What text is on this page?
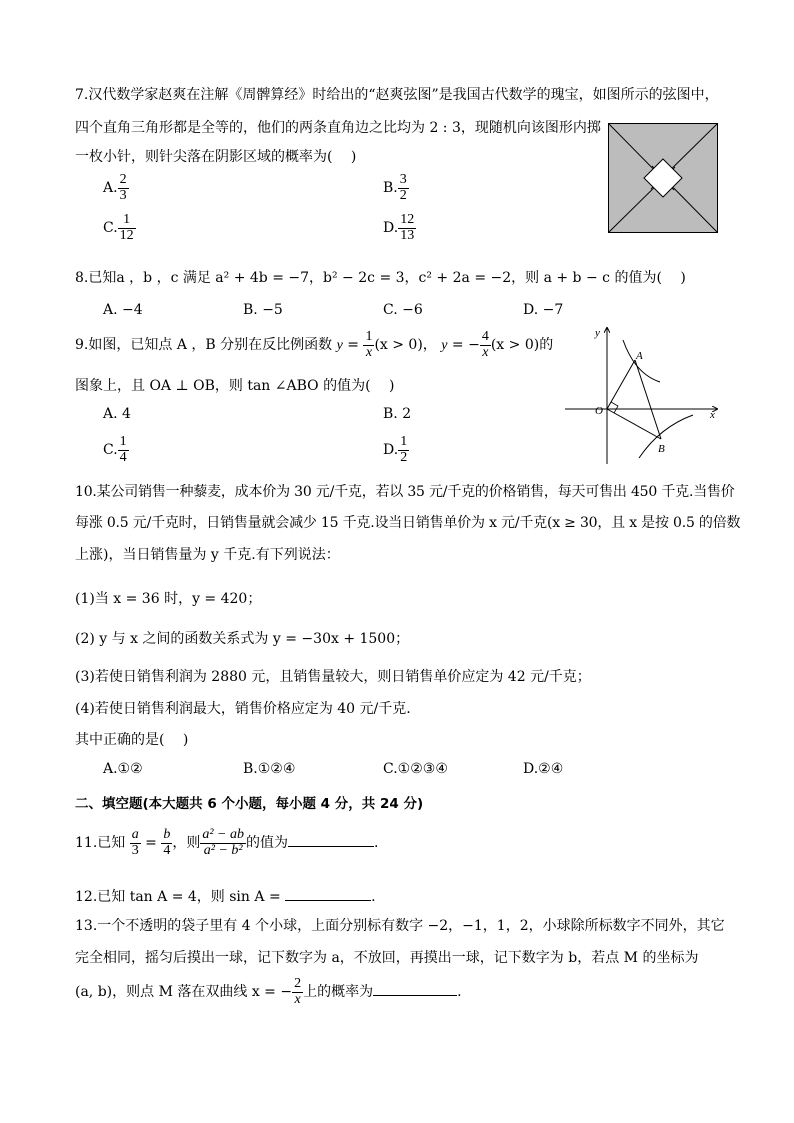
7.汉代数学家赵爽在注解《周髀算经》时给出的“赵爽弦图”是我国古代数学的瑰宝，如图所示的弦图中，
四个直角三角形都是全等的，他们的两条直角边之比均为 2 : 3，现随机向该图形内掷
一枚小针，则针尖落在阴影区域的概率为(　 )
A. $\frac{2}{3}$	B. $\frac{3}{2}$
C. $\frac{1}{12}$	D. $\frac{12}{13}$
8.已知a ，b ，c 满足 a² + 4b = −7，b² − 2c = 3，c² + 2a = −2，则 a + b − c 的值为(　 )
A. −4	B. −5	C. −6	D. −7
9.如图，已知点 A ，B 分别在反比例函数 $y = \frac{1}{x} (x > 0)$， y = − $\frac{4}{x} (x > 0)$的
图象上，且 OA ⊥ OB，则 tan ∠ABO 的值为(　 )
y
x
O
A
B
A. 4	B. 2
C. $\frac{1}{4}$	D. $\frac{1}{2}$
10.某公司销售一种藜麦，成本价为 30 元/千克，若以 35 元/千克的价格销售，每天可售出 450 千克.当售价
每涨 0.5 元/千克时，日销售量就会减少 15 千克.设当日销售单价为 x 元/千克(x ≥ 30，且 x 是按 0.5 的倍数
上涨)，当日销售量为 y 千克.有下列说法：
(1)当 x = 36 时，y = 420；
(2) y 与 x 之间的函数关系式为 y = −30x + 1500；
(3)若使日销售利润为 2880 元，且销售量较大，则日销售单价应定为 42 元/千克；
(4)若使日销售利润最大，销售价格应定为 40 元/千克.
其中正确的是(　 )
A.①②	B.①②④	C.①②③④	D.②④
二、填空题(本大题共 6 个小题，每小题 4 分，共 24 分)
11.已知 $\frac{a}{3} = \frac{b}{4}$ ，则 $\frac{\text{a² − ab}}{\text{a² − b²}}$ 的值为	.
12.已知 tan A = 4，则 sin A =	.
13.一个不透明的袋子里有 4 个小球，上面分别标有数字 −2，−1，1，2，小球除所标数字不同外，其它
完全相同，摇匀后摸出一球，记下数字为 a，不放回，再摸出一球，记下数字为 b，若点 M 的坐标为
(a, b)，则点 M 落在双曲线 x = − $\frac{2}{x}$ 上的概率为	.
